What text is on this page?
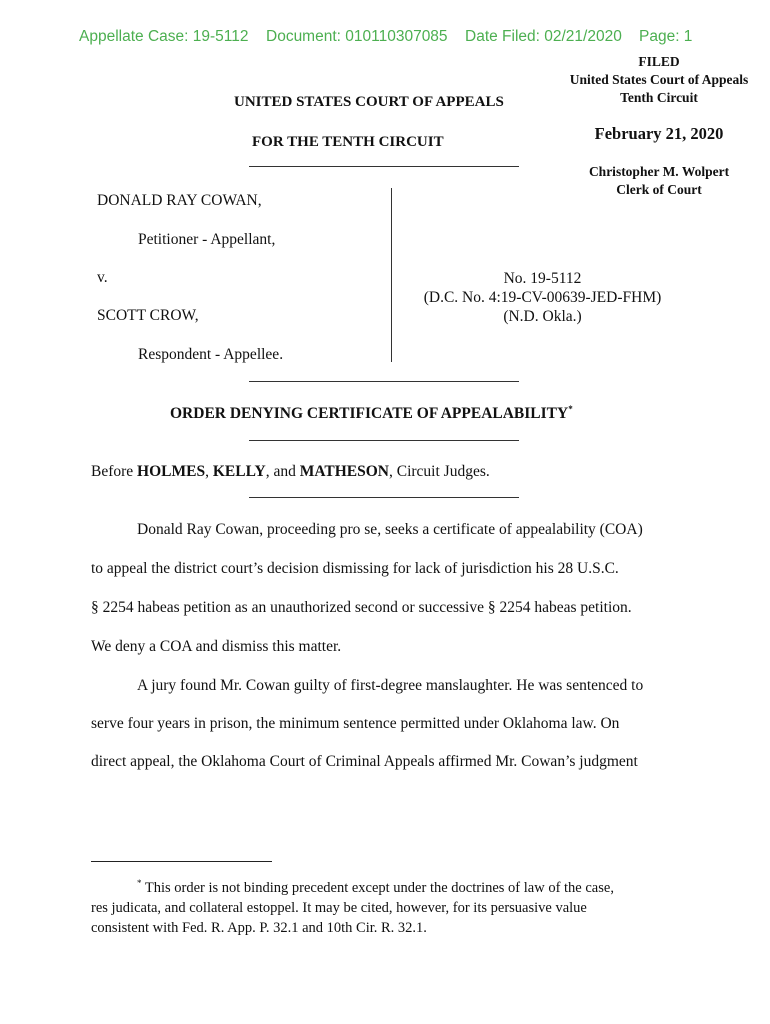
Appellate Case: 19-5112 Document: 010110307085 Date Filed: 02/21/2020 Page: 1
FILED
United States Court of Appeals
Tenth Circuit
February 21, 2020
Christopher M. Wolpert
Clerk of Court
UNITED STATES COURT OF APPEALS
FOR THE TENTH CIRCUIT
DONALD RAY COWAN,
Petitioner - Appellant,
v.
SCOTT CROW,
Respondent - Appellee.
No. 19-5112
(D.C. No. 4:19-CV-00639-JED-FHM)
(N.D. Okla.)
ORDER DENYING CERTIFICATE OF APPEALABILITY*
Before HOLMES, KELLY, and MATHESON, Circuit Judges.
Donald Ray Cowan, proceeding pro se, seeks a certificate of appealability (COA)
to appeal the district court’s decision dismissing for lack of jurisdiction his 28 U.S.C.
§ 2254 habeas petition as an unauthorized second or successive § 2254 habeas petition.
We deny a COA and dismiss this matter.
A jury found Mr. Cowan guilty of first-degree manslaughter. He was sentenced to
serve four years in prison, the minimum sentence permitted under Oklahoma law. On
direct appeal, the Oklahoma Court of Criminal Appeals affirmed Mr. Cowan’s judgment
* This order is not binding precedent except under the doctrines of law of the case,
res judicata, and collateral estoppel. It may be cited, however, for its persuasive value
consistent with Fed. R. App. P. 32.1 and 10th Cir. R. 32.1.
